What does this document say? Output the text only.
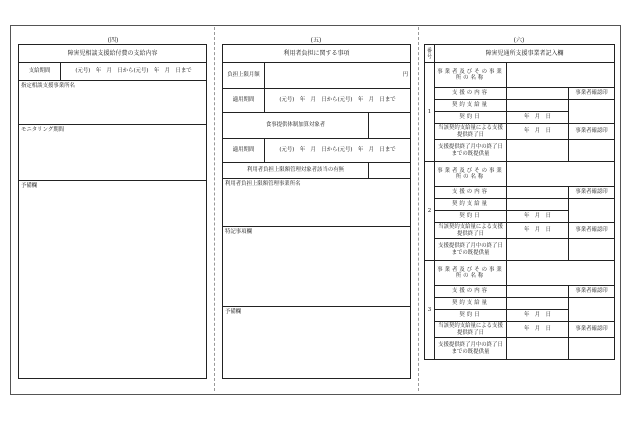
(四)	(五)	(六)
障害児相談支援給付費の支給内容
支給期間	(元号)　年　月　日から(元号)　年　月　日まで
指定相談支援事業所名
モニタリング期間
予備欄
利用者負担に関する事項		
負担上限月額	円	
適用期間	(元号)　年　月　日から(元号)　年　月　日まで	
食事提供体制加算対象者		
適用期間	(元号)　年　月　日から(元号)　年　月　日まで	
利用者負担上限額管理対象者該当の有無		
利用者負担上限額管理事業所名		
特記事項欄		
予備欄		
番号	障害児通所支援事業者記入欄		
1	事業者及びその事業所の名称		
	支援の内容		事業者確認印
	契約支給量		
	契約日	年　月　日	
	当該契約支給量による支援提供終了日	年　月　日	事業者確認印
	支援提供終了月中の終了日までの既提供量		
2	事業者及びその事業所の名称		
	支援の内容		事業者確認印
	契約支給量		
	契約日	年　月　日	
	当該契約支給量による支援提供終了日	年　月　日	事業者確認印
	支援提供終了月中の終了日までの既提供量		
3	事業者及びその事業所の名称		
	支援の内容		事業者確認印
	契約支給量		
	契約日	年　月　日	
	当該契約支給量による支援提供終了日	年　月　日	事業者確認印
	支援提供終了月中の終了日までの既提供量		
